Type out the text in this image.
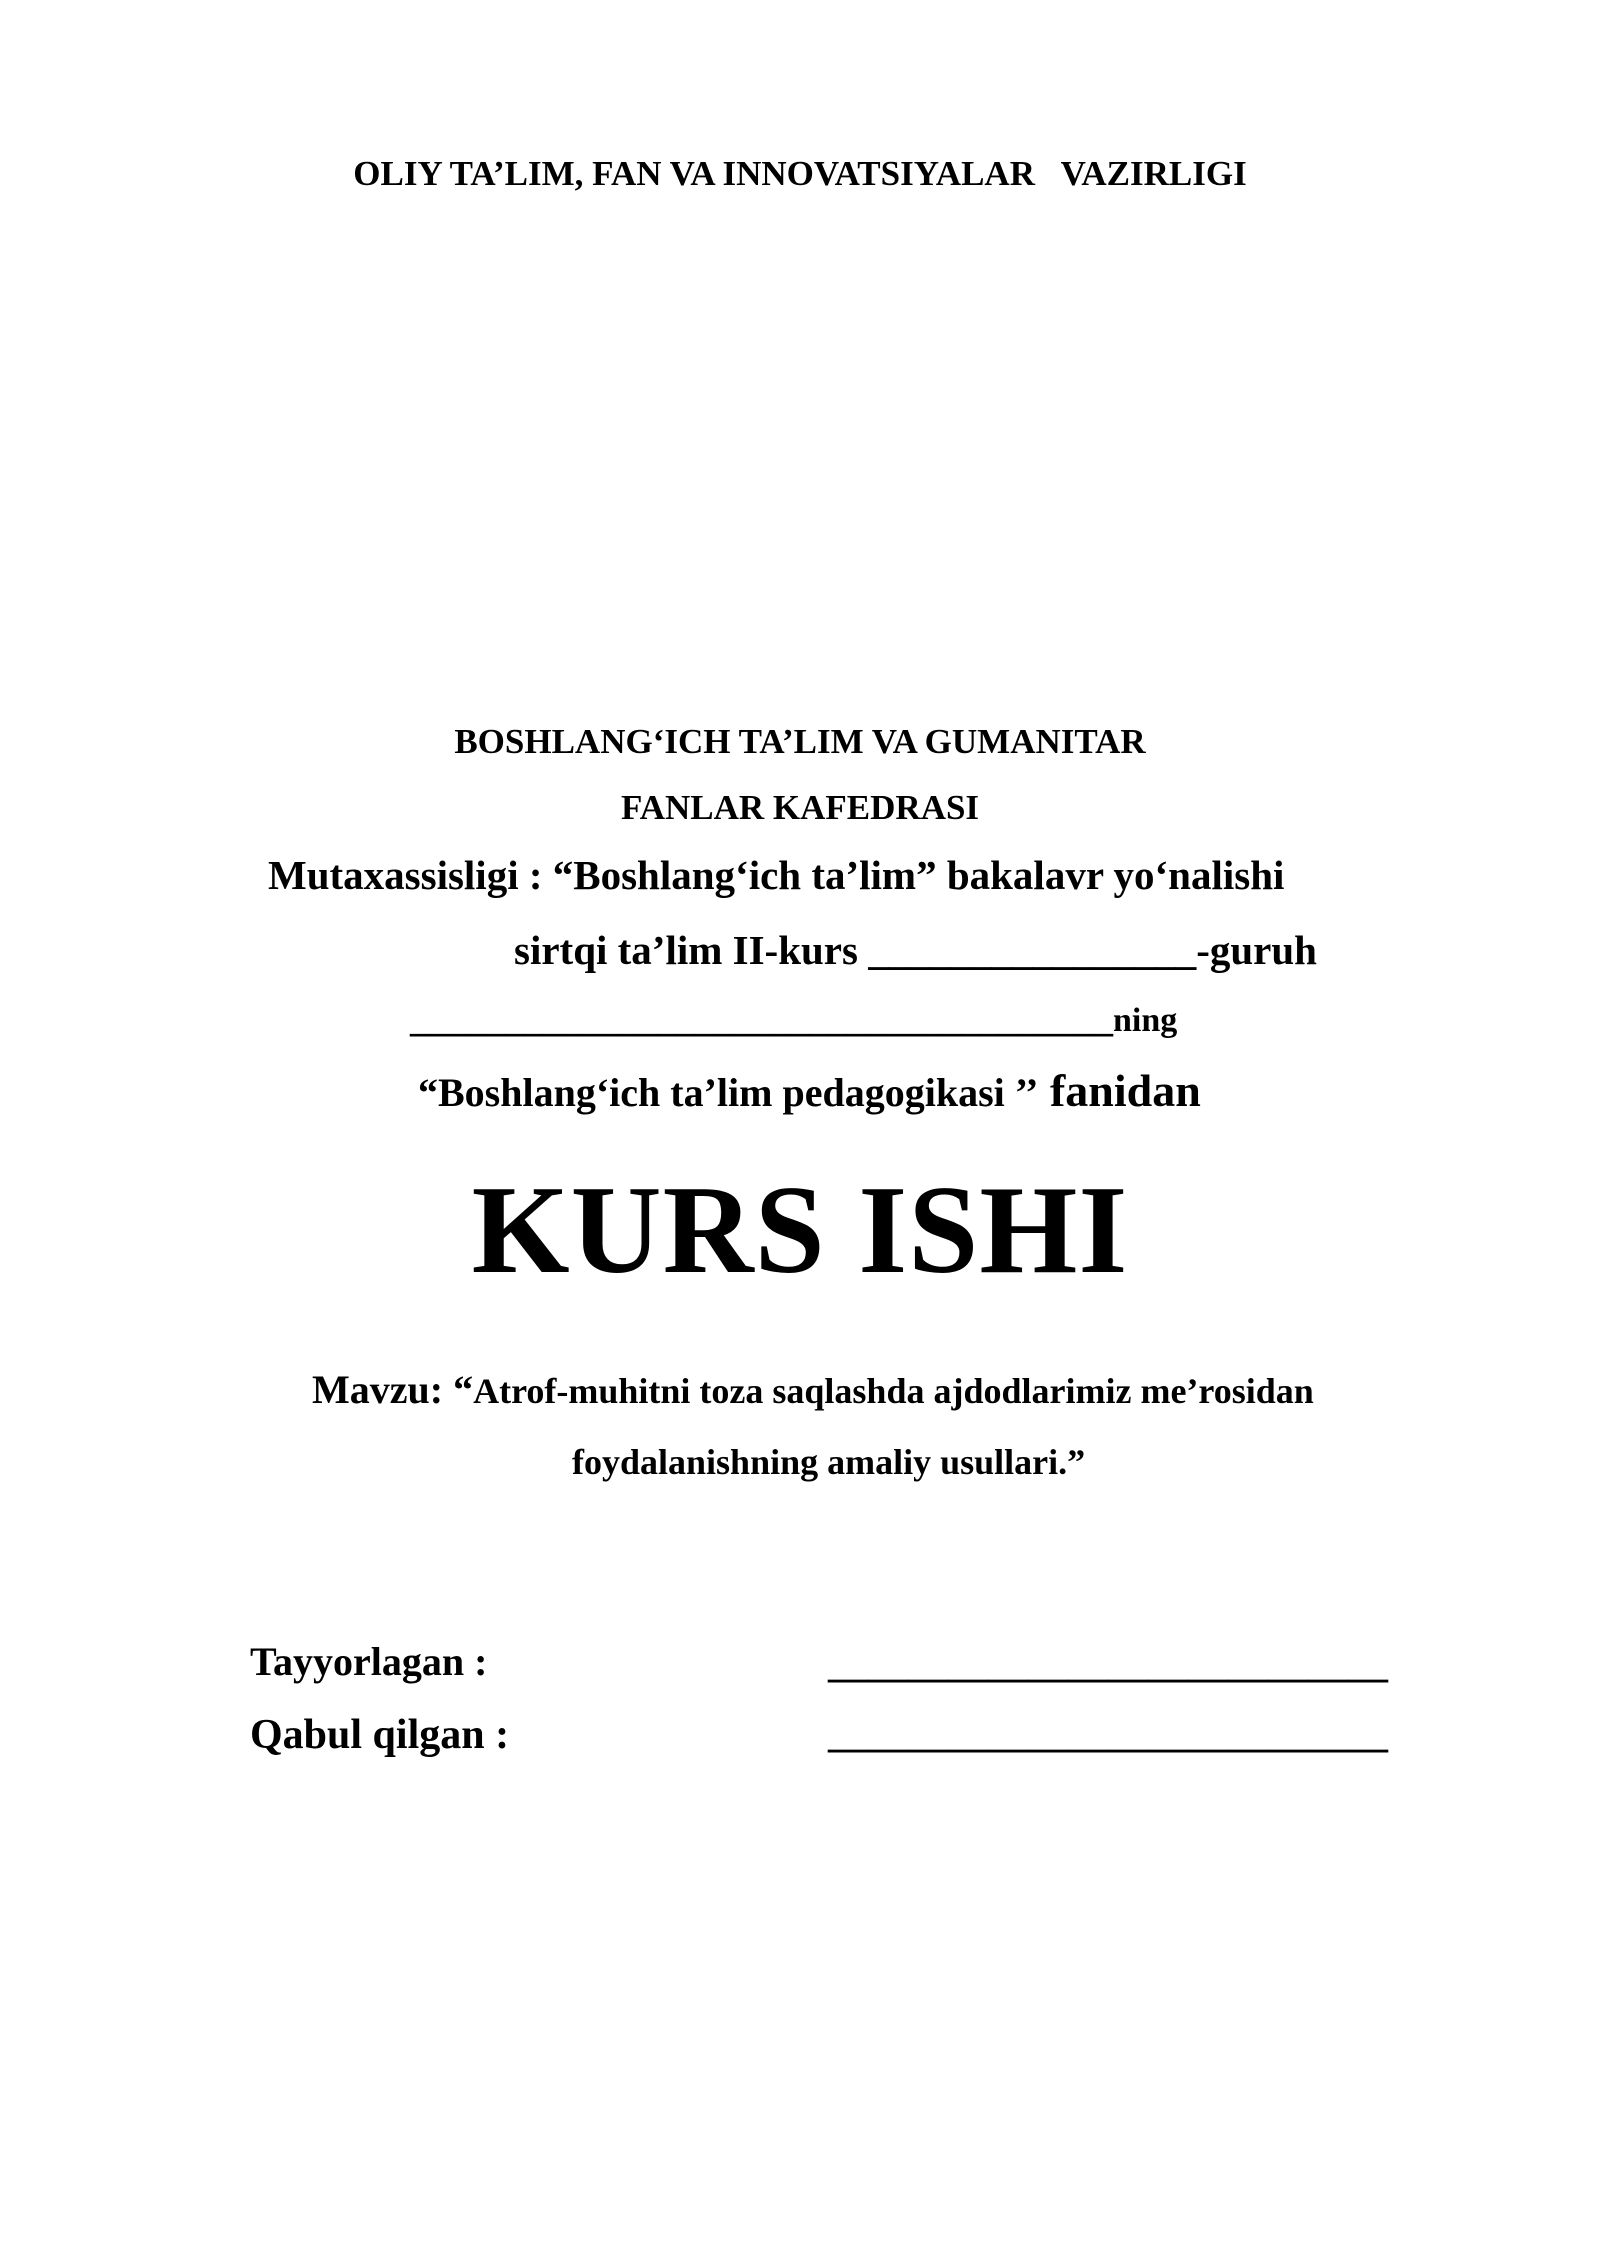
OLIY TA’LIM, FAN VA INNOVATSIYALAR   VAZIRLIGI
BOSHLANG‘ICH TA’LIM VA GUMANITAR
FANLAR KAFEDRASI
Mutaxassisligi : “Boshlang‘ich ta’lim” bakalavr yo‘nalishi
sirtqi ta’lim II-kurs ________________-guruh
_____________________________________ning
“Boshlang‘ich ta’lim pedagogikasi ’’ fanidan
KURS ISHI
Mavzu: “Atrof-muhitni toza saqlashda ajdodlarimiz me’rosidan
foydalanishning amaliy usullari.”
Tayyorlagan :	____________________________
Qabul qilgan :	____________________________
